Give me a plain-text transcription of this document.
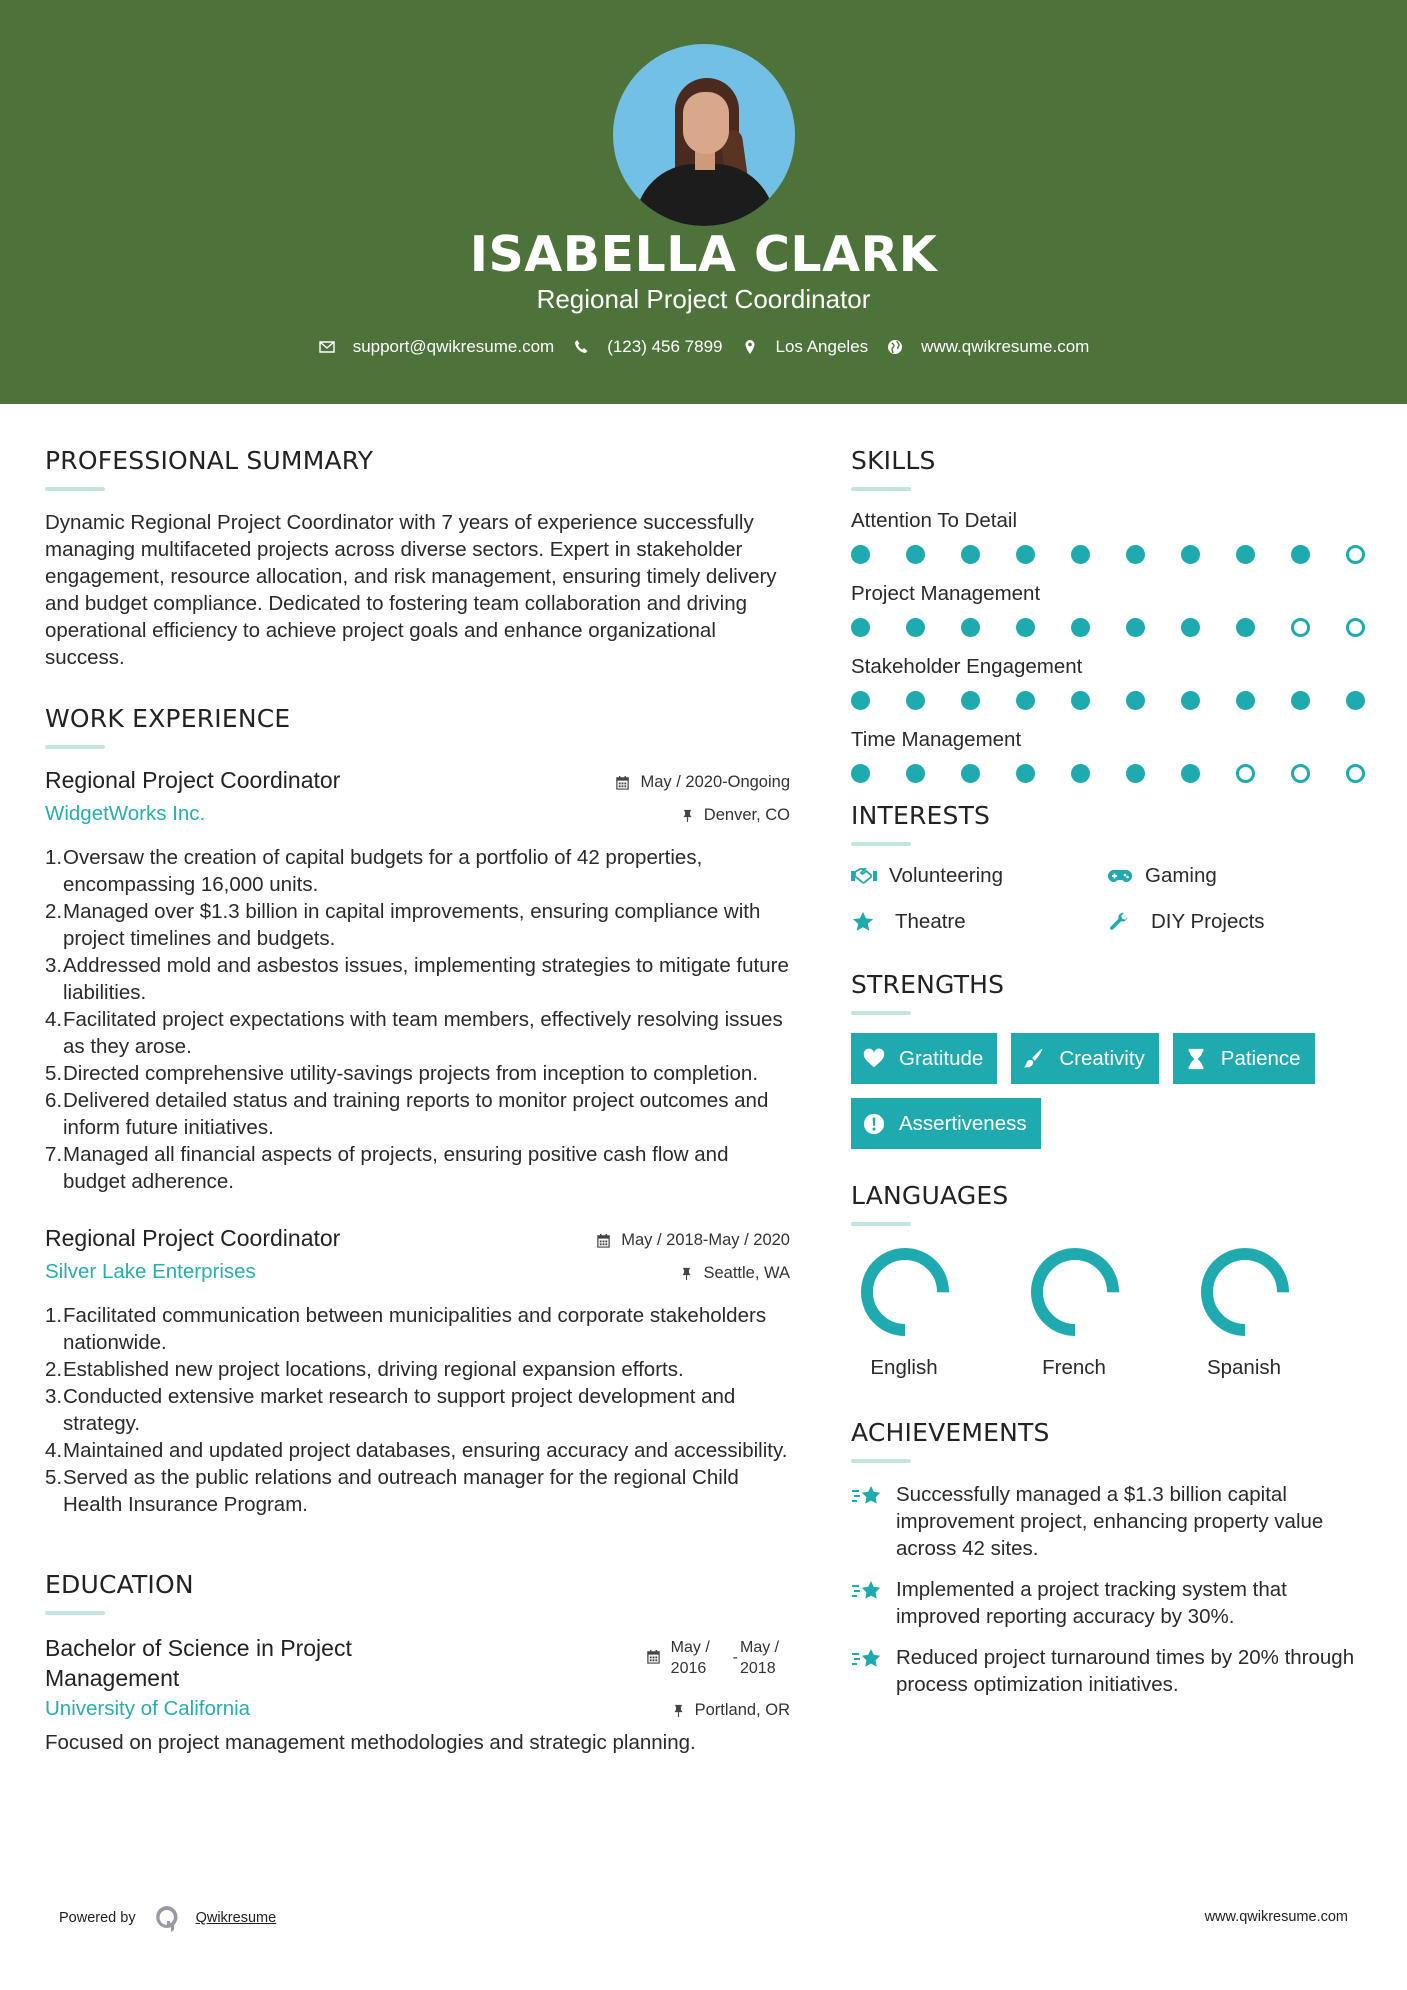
ISABELLA CLARK
Regional Project Coordinator
support@qwikresume.com	(123) 456 7899	Los Angeles	www.qwikresume.com
PROFESSIONAL SUMMARY
Dynamic Regional Project Coordinator with 7 years of experience successfully managing multifaceted projects across diverse sectors. Expert in stakeholder engagement, resource allocation, and risk management, ensuring timely delivery and budget compliance. Dedicated to fostering team collaboration and driving operational efficiency to achieve project goals and enhance organizational success.
WORK EXPERIENCE
Regional Project Coordinator	May / 2020-Ongoing
WidgetWorks Inc.	Denver, CO
1. Oversaw the creation of capital budgets for a portfolio of 42 properties, encompassing 16,000 units.
2. Managed over $1.3 billion in capital improvements, ensuring compliance with project timelines and budgets.
3. Addressed mold and asbestos issues, implementing strategies to mitigate future liabilities.
4. Facilitated project expectations with team members, effectively resolving issues as they arose.
5. Directed comprehensive utility-savings projects from inception to completion.
6. Delivered detailed status and training reports to monitor project outcomes and inform future initiatives.
7. Managed all financial aspects of projects, ensuring positive cash flow and budget adherence.
Regional Project Coordinator	May / 2018-May / 2020
Silver Lake Enterprises	Seattle, WA
1. Facilitated communication between municipalities and corporate stakeholders nationwide.
2. Established new project locations, driving regional expansion efforts.
3. Conducted extensive market research to support project development and strategy.
4. Maintained and updated project databases, ensuring accuracy and accessibility.
5. Served as the public relations and outreach manager for the regional Child Health Insurance Program.
EDUCATION
Bachelor of Science in Project Management
May / 2016
-
May / 2018
University of California	Portland, OR
Focused on project management methodologies and strategic planning.
SKILLS
Attention To Detail
Project Management
Stakeholder Engagement
Time Management
INTERESTS
Volunteering	Gaming
Theatre	DIY Projects
STRENGTHS
Gratitude	Creativity	Patience
Assertiveness
LANGUAGES
English	French	Spanish
ACHIEVEMENTS
Successfully managed a $1.3 billion capital improvement project, enhancing property value across 42 sites.
Implemented a project tracking system that improved reporting accuracy by 30%.
Reduced project turnaround times by 20% through process optimization initiatives.
Powered by	Qwikresume	www.qwikresume.com
